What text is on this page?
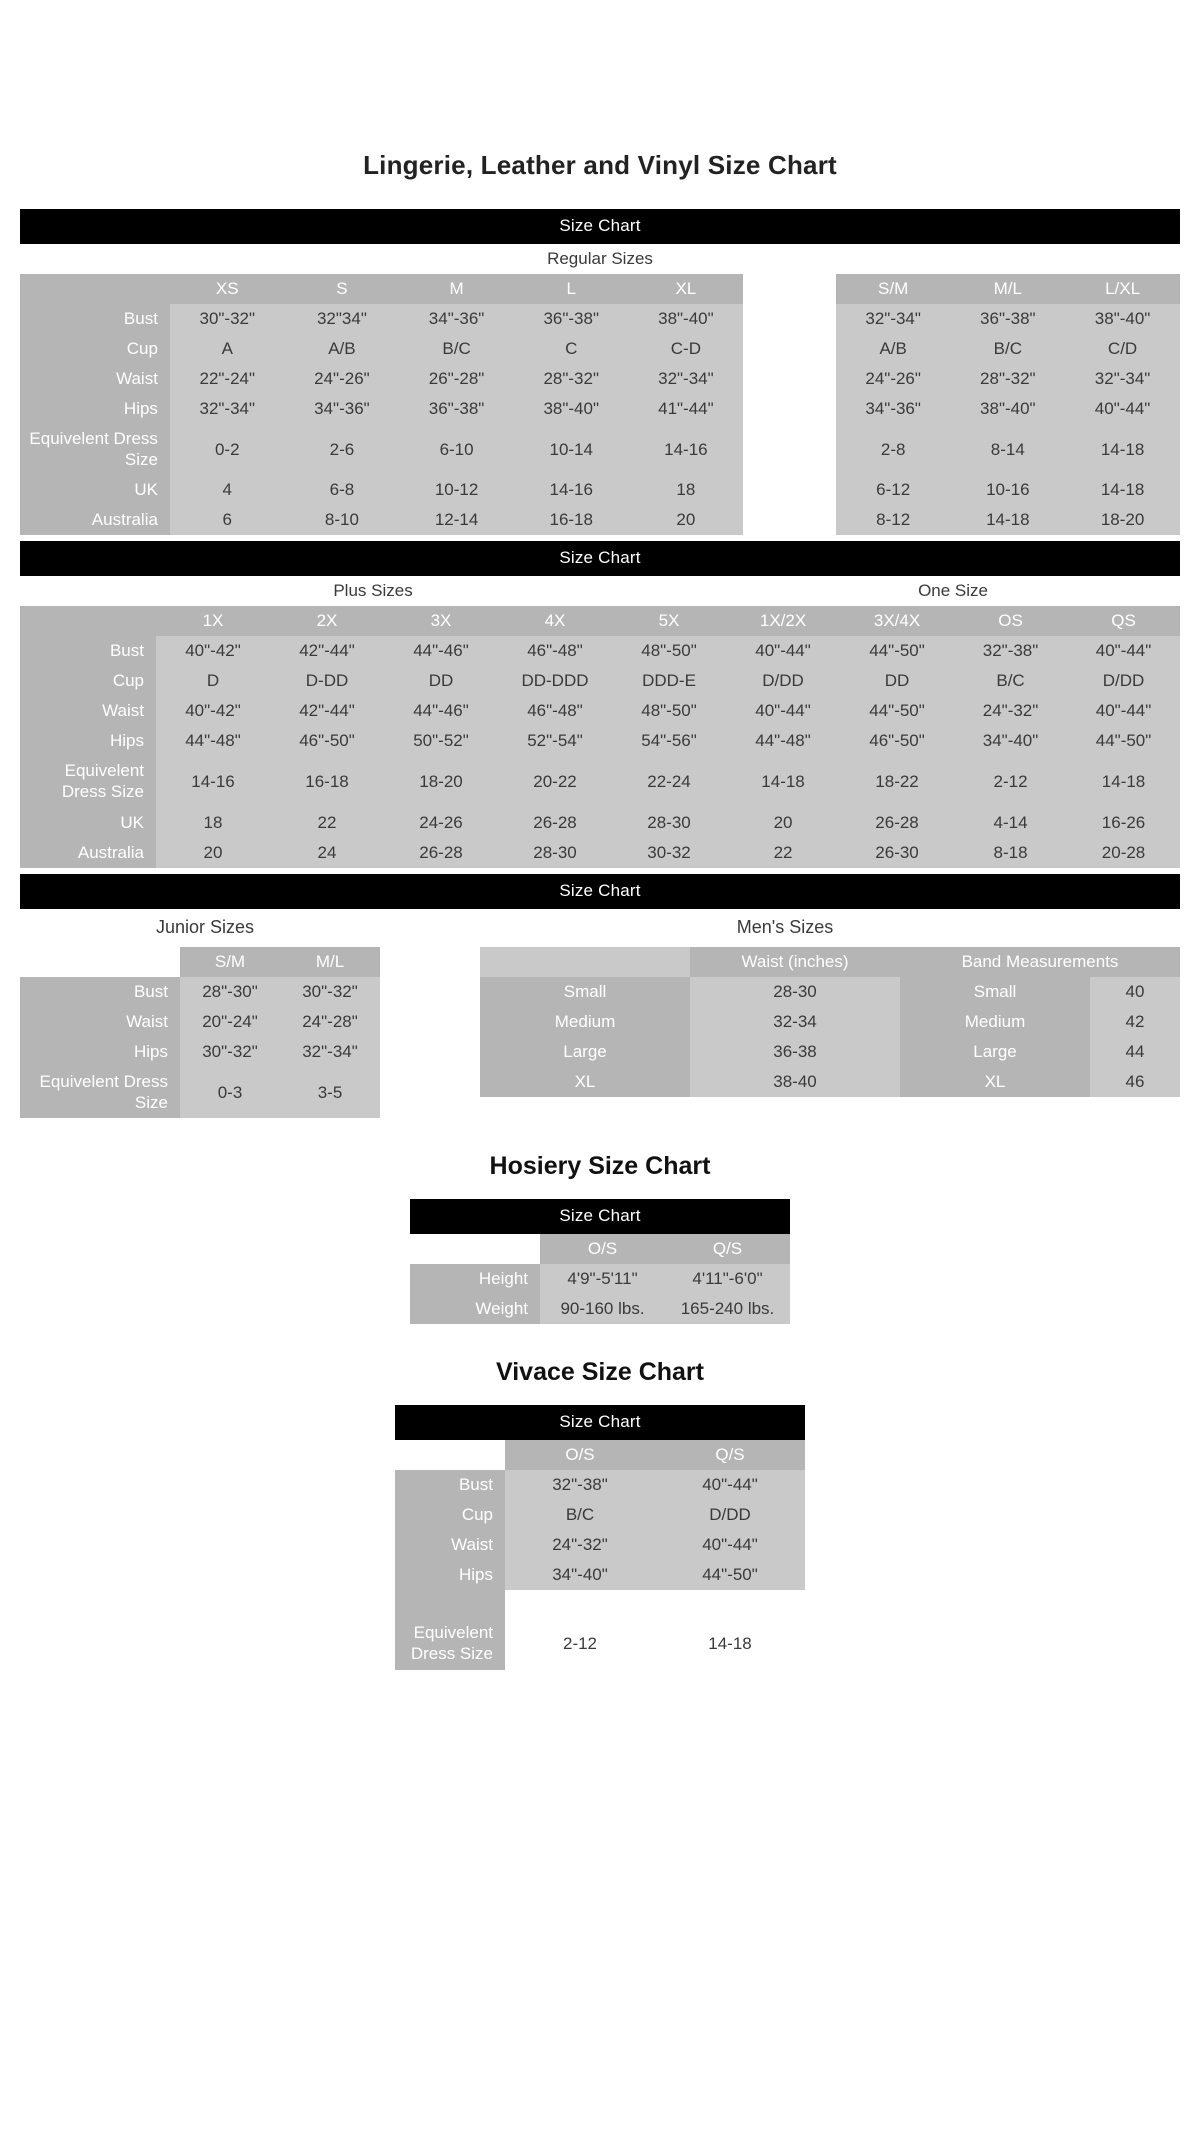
Lingerie, Leather and Vinyl Size Chart
Size Chart
Regular Sizes									
	XS	S	M	L	XL		S/M	M/L	L/XL
Bust	30"-32"	32"34"	34"-36"	36"-38"	38"-40"		32"-34"	36"-38"	38"-40"
Cup	A	A/B	B/C	C	C-D		A/B	B/C	C/D
Waist	22"-24"	24"-26"	26"-28"	28"-32"	32"-34"		24"-26"	28"-32"	32"-34"
Hips	32"-34"	34"-36"	36"-38"	38"-40"	41"-44"		34"-36"	38"-40"	40"-44"
Equivelent Dress Size	0-2	2-6	6-10	10-14	14-16		2-8	8-14	14-18
UK	4	6-8	10-12	14-16	18		6-12	10-16	14-18
Australia	6	8-10	12-14	16-18	20		8-12	14-18	18-20
Size Chart
Plus Sizes						One Size			
	1X	2X	3X	4X	5X	1X/2X	3X/4X	OS	QS
Bust	40"-42"	42"-44"	44"-46"	46"-48"	48"-50"	40"-44"	44"-50"	32"-38"	40"-44"
Cup	D	D-DD	DD	DD-DDD	DDD-E	D/DD	DD	B/C	D/DD
Waist	40"-42"	42"-44"	44"-46"	46"-48"	48"-50"	40"-44"	44"-50"	24"-32"	40"-44"
Hips	44"-48"	46"-50"	50"-52"	52"-54"	54"-56"	44"-48"	46"-50"	34"-40"	44"-50"
Equivelent Dress Size	14-16	16-18	18-20	20-22	22-24	14-18	18-22	2-12	14-18
UK	18	22	24-26	26-28	28-30	20	26-28	4-14	16-26
Australia	20	24	26-28	28-30	30-32	22	26-30	8-18	20-28
Size Chart
Junior Sizes
	S/M	M/L
Bust	28"-30"	30"-32"
Waist	20"-24"	24"-28"
Hips	30"-32"	32"-34"
Equivelent Dress Size	0-3	3-5
Men's Sizes
	Waist (inches)	Band Measurements	
Small	28-30	Small	40
Medium	32-34	Medium	42
Large	36-38	Large	44
XL	38-40	XL	46
Hosiery Size Chart
Size Chart
	O/S	Q/S
Height	4'9"-5'11"	4'11"-6'0"
Weight	90-160 lbs.	165-240 lbs.
Vivace Size Chart
Size Chart
	O/S	Q/S
Bust	32"-38"	40"-44"
Cup	B/C	D/DD
Waist	24"-32"	40"-44"
Hips	34"-40"	44"-50"

Equivelent Dress Size	2-12	14-18
